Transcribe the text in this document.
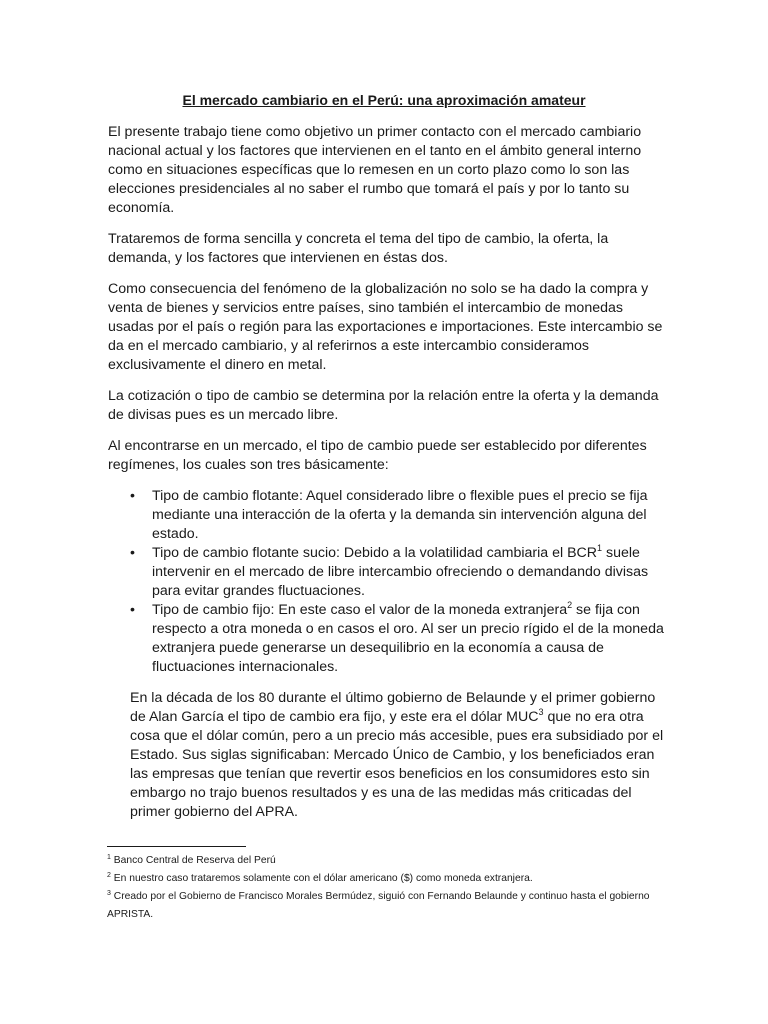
El mercado cambiario en el Perú: una aproximación amateur

El presente trabajo tiene como objetivo un primer contacto con el mercado cambiario nacional actual y los factores que intervienen en el tanto en el ámbito general interno como en situaciones específicas que lo remesen en un corto plazo como lo son las elecciones presidenciales al no saber el rumbo que tomará el país y por lo tanto su economía.

Trataremos de forma sencilla y concreta el tema del tipo de cambio, la oferta, la demanda, y los factores que intervienen en éstas dos.

Como consecuencia del fenómeno de la globalización no solo se ha dado la compra y venta de bienes y servicios entre países, sino también el intercambio de monedas usadas por el país o región para las exportaciones e importaciones. Este intercambio se da en el mercado cambiario, y al referirnos a este intercambio consideramos exclusivamente el dinero en metal.

La cotización o tipo de cambio se determina por la relación entre la oferta y la demanda de divisas pues es un mercado libre.

Al encontrarse en un mercado, el tipo de cambio puede ser establecido por diferentes regímenes, los cuales son tres básicamente:

• Tipo de cambio flotante: Aquel considerado libre o flexible pues el precio se fija mediante una interacción de la oferta y la demanda sin intervención alguna del estado.
• Tipo de cambio flotante sucio: Debido a la volatilidad cambiaria el BCR$^1$ suele intervenir en el mercado de libre intercambio ofreciendo o demandando divisas para evitar grandes fluctuaciones.
• Tipo de cambio fijo: En este caso el valor de la moneda extranjera$^2$ se fija con respecto a otra moneda o en casos el oro. Al ser un precio rígido el de la moneda extranjera puede generarse un desequilibrio en la economía a causa de fluctuaciones internacionales.

En la década de los 80 durante el último gobierno de Belaunde y el primer gobierno de Alan García el tipo de cambio era fijo, y este era el dólar MUC$^3$ que no era otra cosa que el dólar común, pero a un precio más accesible, pues era subsidiado por el Estado. Sus siglas significaban: Mercado Único de Cambio, y los beneficiados eran las empresas que tenían que revertir esos beneficios en los consumidores esto sin embargo no trajo buenos resultados y es una de las medidas más criticadas del primer gobierno del APRA.

$^1$ Banco Central de Reserva del Perú
$^2$ En nuestro caso trataremos solamente con el dólar americano ($) como moneda extranjera.
$^3$ Creado por el Gobierno de Francisco Morales Bermúdez, siguió con Fernando Belaunde y continuo hasta el gobierno APRISTA.
